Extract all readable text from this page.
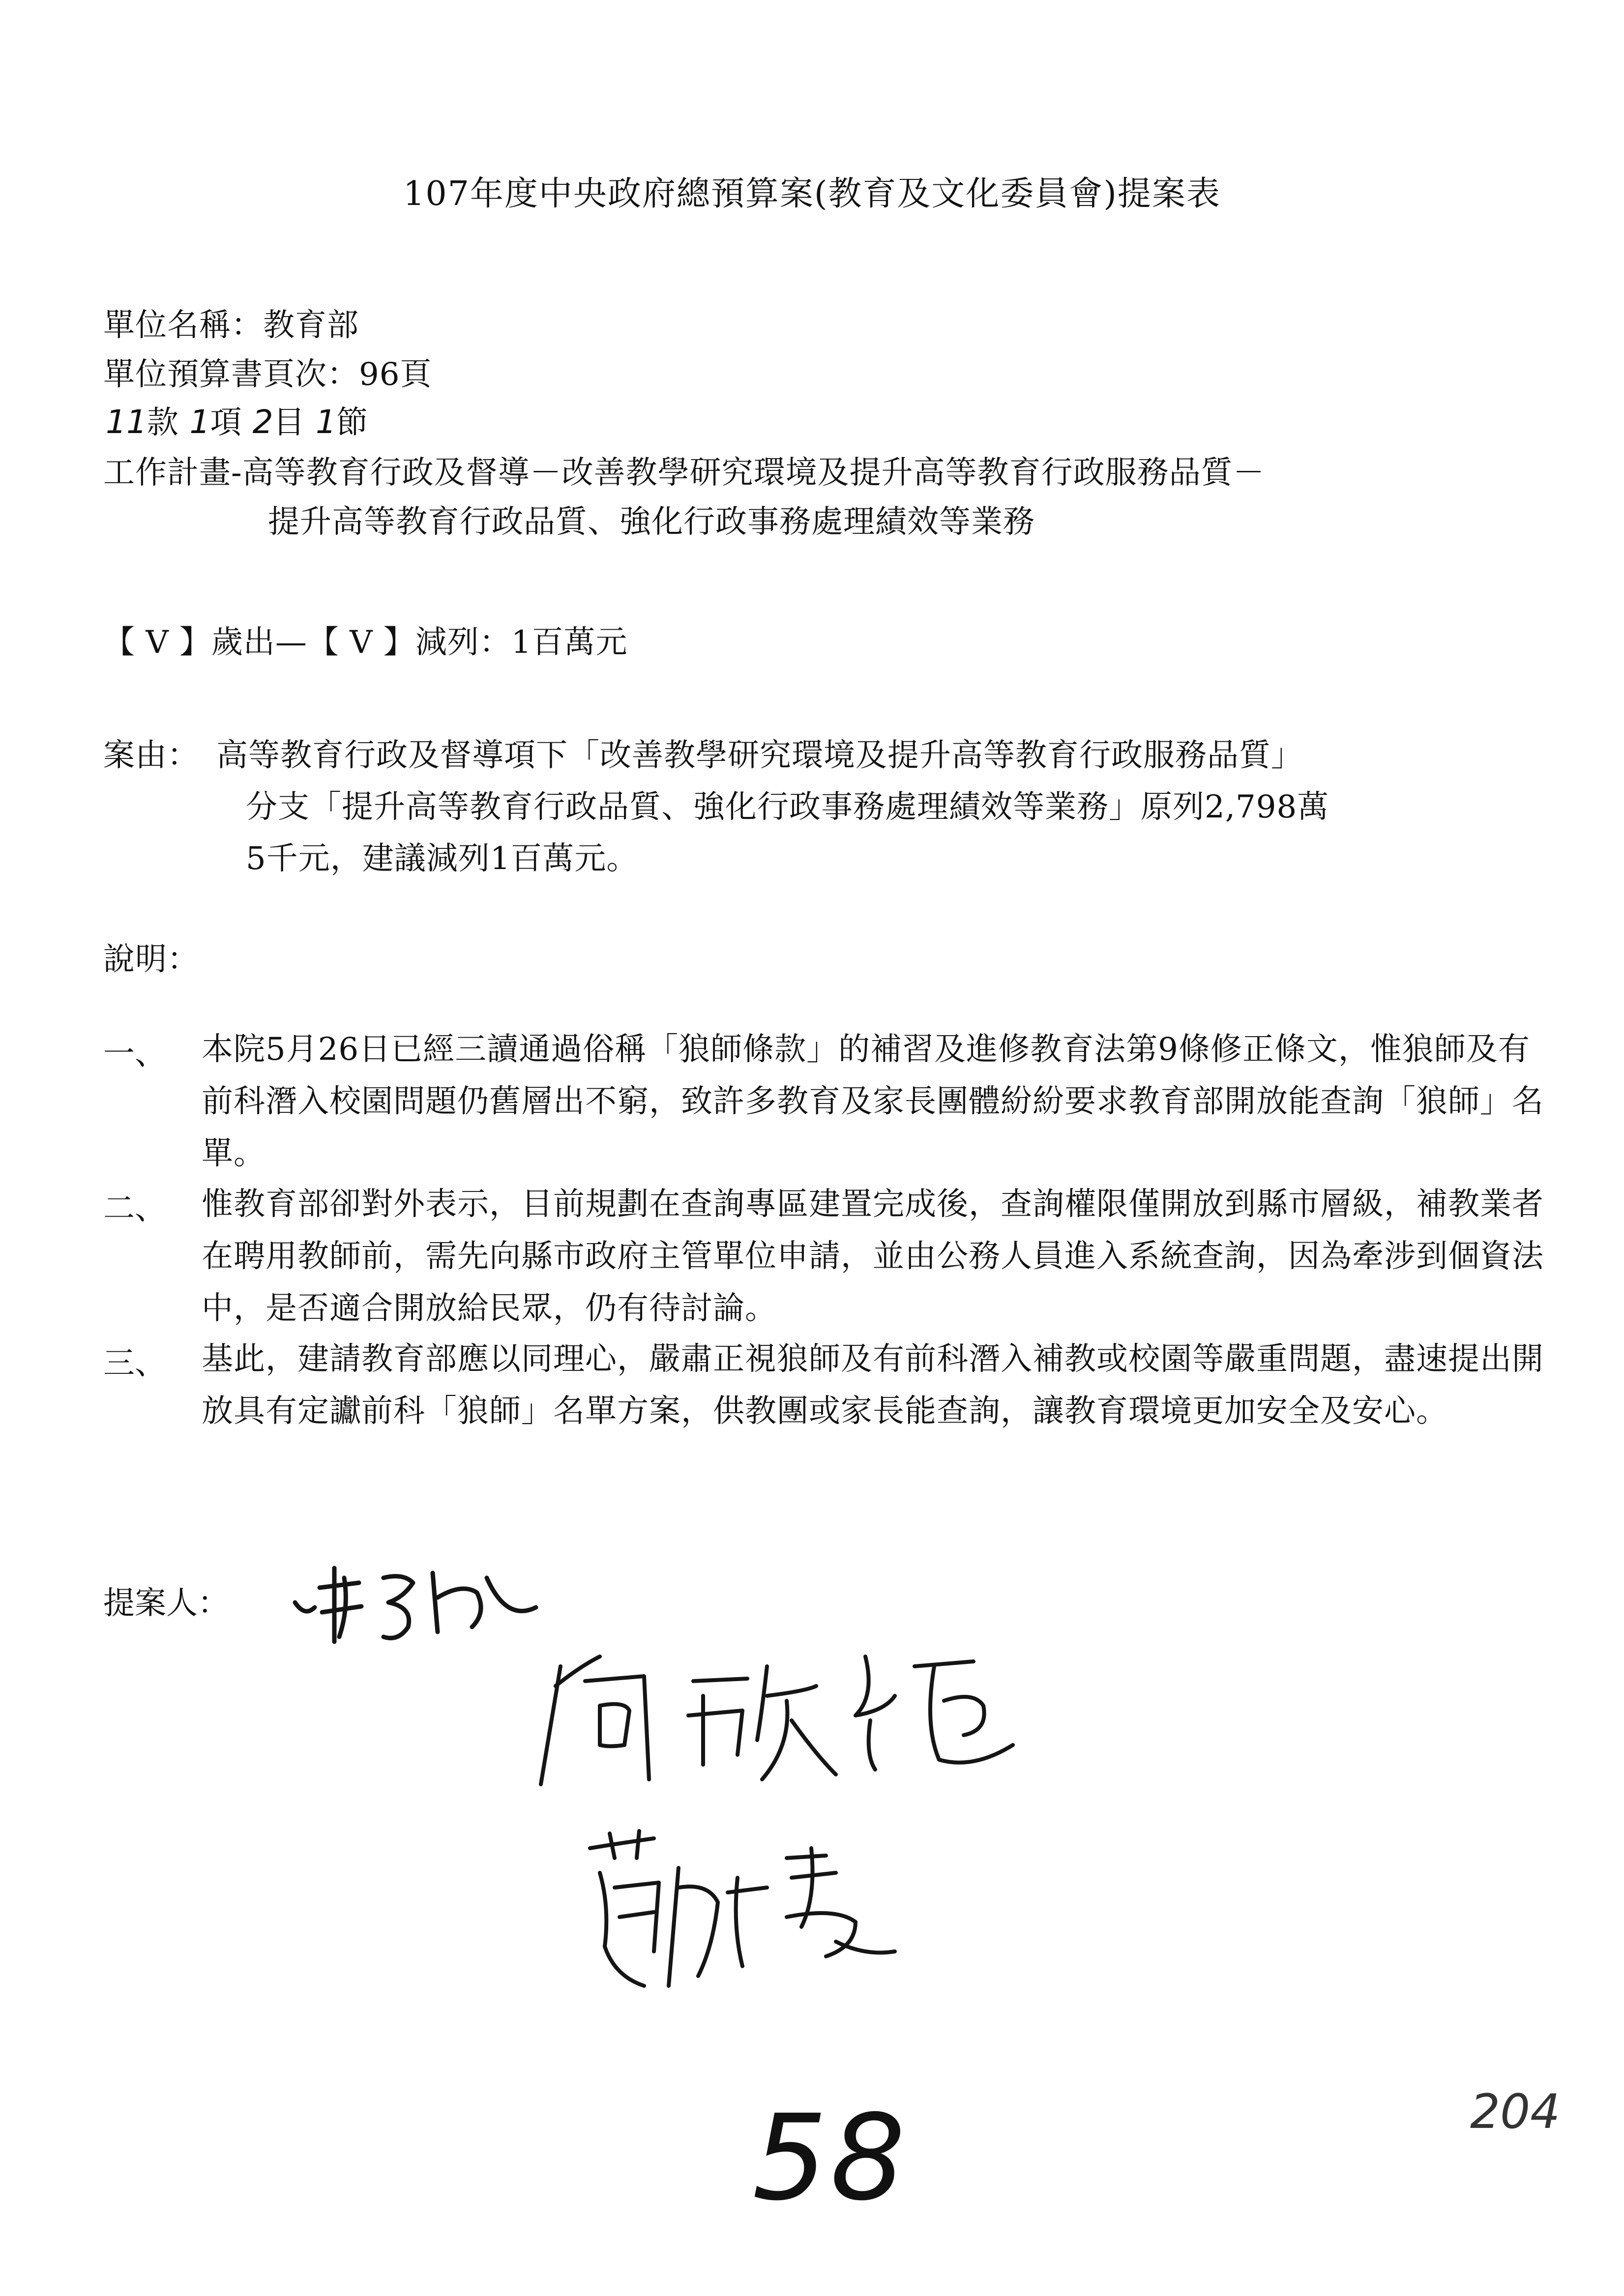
107年度中央政府總預算案(教育及文化委員會)提案表
單位名稱：教育部
單位預算書頁次：96頁
11款 1項 2目 1節
工作計畫-高等教育行政及督導－改善教學研究環境及提升高等教育行政服務品質－
提升高等教育行政品質、強化行政事務處理績效等業務
【 V 】歲出—【 V 】減列：1百萬元
案由： 高等教育行政及督導項下「改善教學研究環境及提升高等教育行政服務品質」
分支「提升高等教育行政品質、強化行政事務處理績效等業務」原列2,798萬
5千元，建議減列1百萬元。
說明：
一、 本院5月26日已經三讀通過俗稱「狼師條款」的補習及進修教育法第9條修正條文，惟狼師及有前科潛入校園問題仍舊層出不窮，致許多教育及家長團體紛紛要求教育部開放能查詢「狼師」名單。
二、 惟教育部卻對外表示，目前規劃在查詢專區建置完成後，查詢權限僅開放到縣市層級，補教業者在聘用教師前，需先向縣市政府主管單位申請，並由公務人員進入系統查詢，因為牽涉到個資法中，是否適合開放給民眾，仍有待討論。
三、 基此，建請教育部應以同理心，嚴肅正視狼師及有前科潛入補教或校園等嚴重問題，盡速提出開放具有定讞前科「狼師」名單方案，供教團或家長能查詢，讓教育環境更加安全及安心。
提案人：
58	204
